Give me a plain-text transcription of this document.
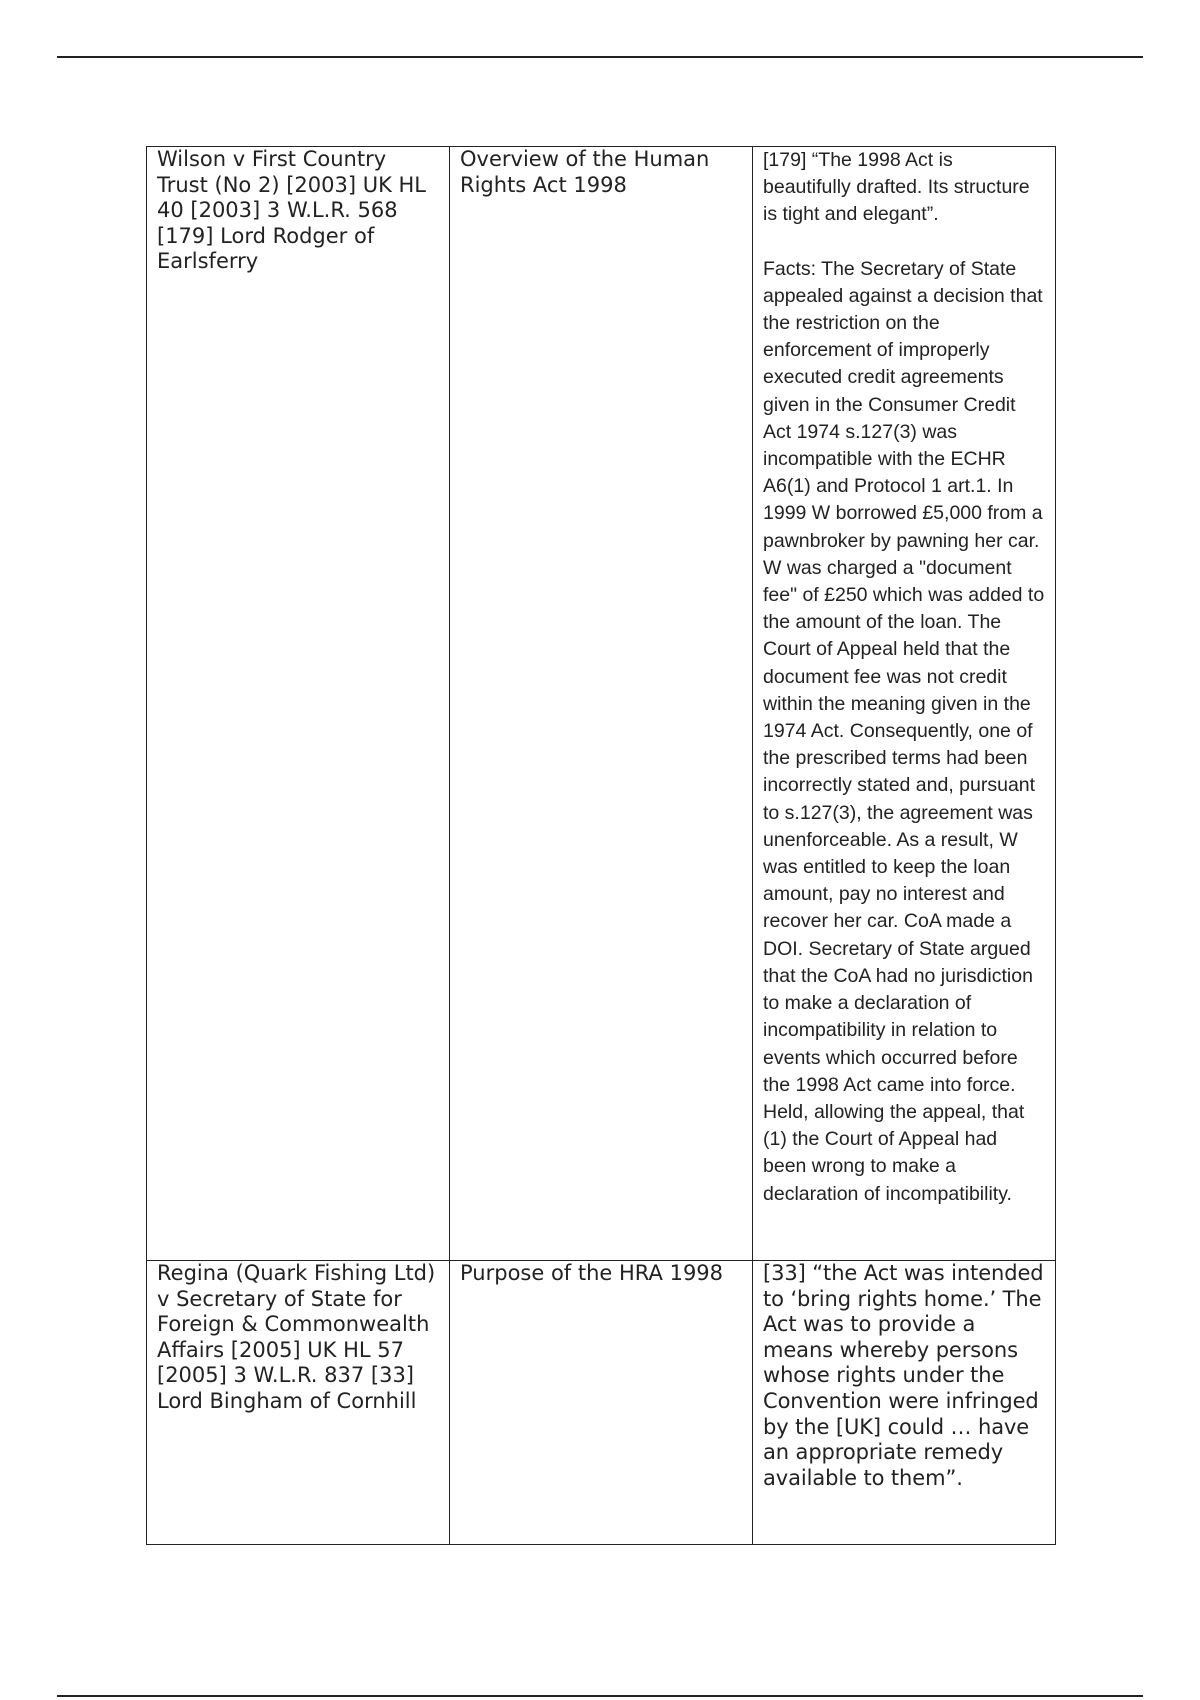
Wilson v First Country Trust (No 2) [2003] UK HL 40 [2003] 3 W.L.R. 568 [179] Lord Rodger of Earlsferry	Overview of the Human Rights Act 1998	[179] “The 1998 Act is beautifully drafted. Its structure is tight and elegant”.

Facts: The Secretary of State appealed against a decision that the restriction on the enforcement of improperly executed credit agreements given in the Consumer Credit Act 1974 s.127(3) was incompatible with the ECHR A6(1) and Protocol 1 art.1. In 1999 W borrowed £5,000 from a pawnbroker by pawning her car. W was charged a "document fee" of £250 which was added to the amount of the loan. The Court of Appeal held that the document fee was not credit within the meaning given in the 1974 Act. Consequently, one of the prescribed terms had been incorrectly stated and, pursuant to s.127(3), the agreement was unenforceable. As a result, W was entitled to keep the loan amount, pay no interest and recover her car. CoA made a DOI. Secretary of State argued that the CoA had no jurisdiction to make a declaration of incompatibility in relation to events which occurred before the 1998 Act came into force. Held, allowing the appeal, that (1) the Court of Appeal had been wrong to make a declaration of incompatibility.

Regina (Quark Fishing Ltd) v Secretary of State for Foreign & Commonwealth Affairs [2005] UK HL 57 [2005] 3 W.L.R. 837 [33] Lord Bingham of Cornhill	Purpose of the HRA 1998	[33] “the Act was intended to ‘bring rights home.’ The Act was to provide a means whereby persons whose rights under the Convention were infringed by the [UK] could … have an appropriate remedy available to them”.
